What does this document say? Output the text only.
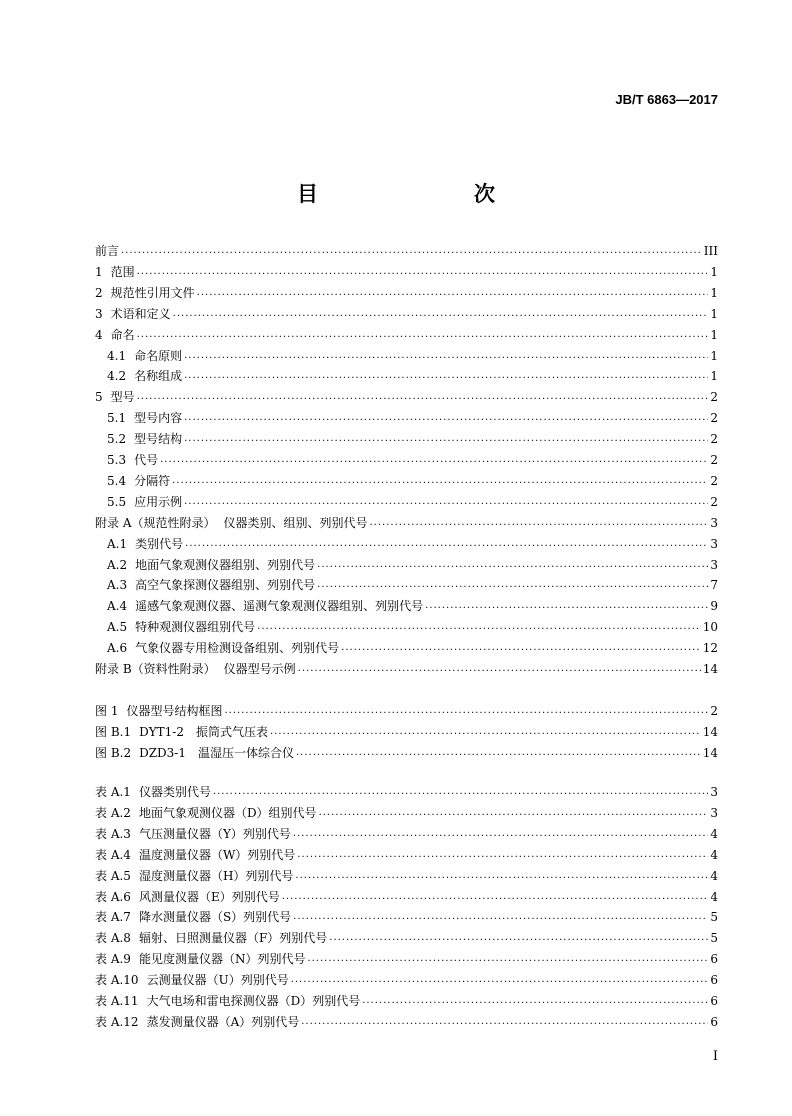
JB/T 6863—2017
目　　次
前言 .....	III
1 范围 .....	1
2 规范性引用文件 .....	1
3 术语和定义 .....	1
4 命名 .....	1
4.1 命名原则 .....	1
4.2 名称组成 .....	1
5 型号 .....	2
5.1 型号内容 .....	2
5.2 型号结构 .....	2
5.3 代号 .....	2
5.4 分隔符 .....	2
5.5 应用示例 .....	2
附录 A（规范性附录） 仪器类别、组别、列别代号 .....	3
A.1 类别代号 .....	3
A.2 地面气象观测仪器组别、列别代号 .....	3
A.3 高空气象探测仪器组别、列别代号 .....	7
A.4 遥感气象观测仪器、遥测气象观测仪器组别、列别代号 .....	9
A.5 特种观测仪器组别代号 .....	10
A.6 气象仪器专用检测设备组别、列别代号 .....	12
附录 B（资料性附录） 仪器型号示例 .....	14
图 1 仪器型号结构框图 .....	2
图 B.1 DYT1-2　振筒式气压表 .....	14
图 B.2 DZD3-1　温湿压一体综合仪 .....	14
表 A.1 仪器类别代号 .....	3
表 A.2 地面气象观测仪器（D）组别代号 .....	3
表 A.3 气压测量仪器（Y）列别代号 .....	4
表 A.4 温度测量仪器（W）列别代号 .....	4
表 A.5 湿度测量仪器（H）列别代号 .....	4
表 A.6 风测量仪器（E）列别代号 .....	4
表 A.7 降水测量仪器（S）列别代号 .....	5
表 A.8 辐射、日照测量仪器（F）列别代号 .....	5
表 A.9 能见度测量仪器（N）列别代号 .....	6
表 A.10 云测量仪器（U）列别代号 .....	6
表 A.11 大气电场和雷电探测仪器（D）列别代号 .....	6
表 A.12 蒸发测量仪器（A）列别代号 .....	6
I
